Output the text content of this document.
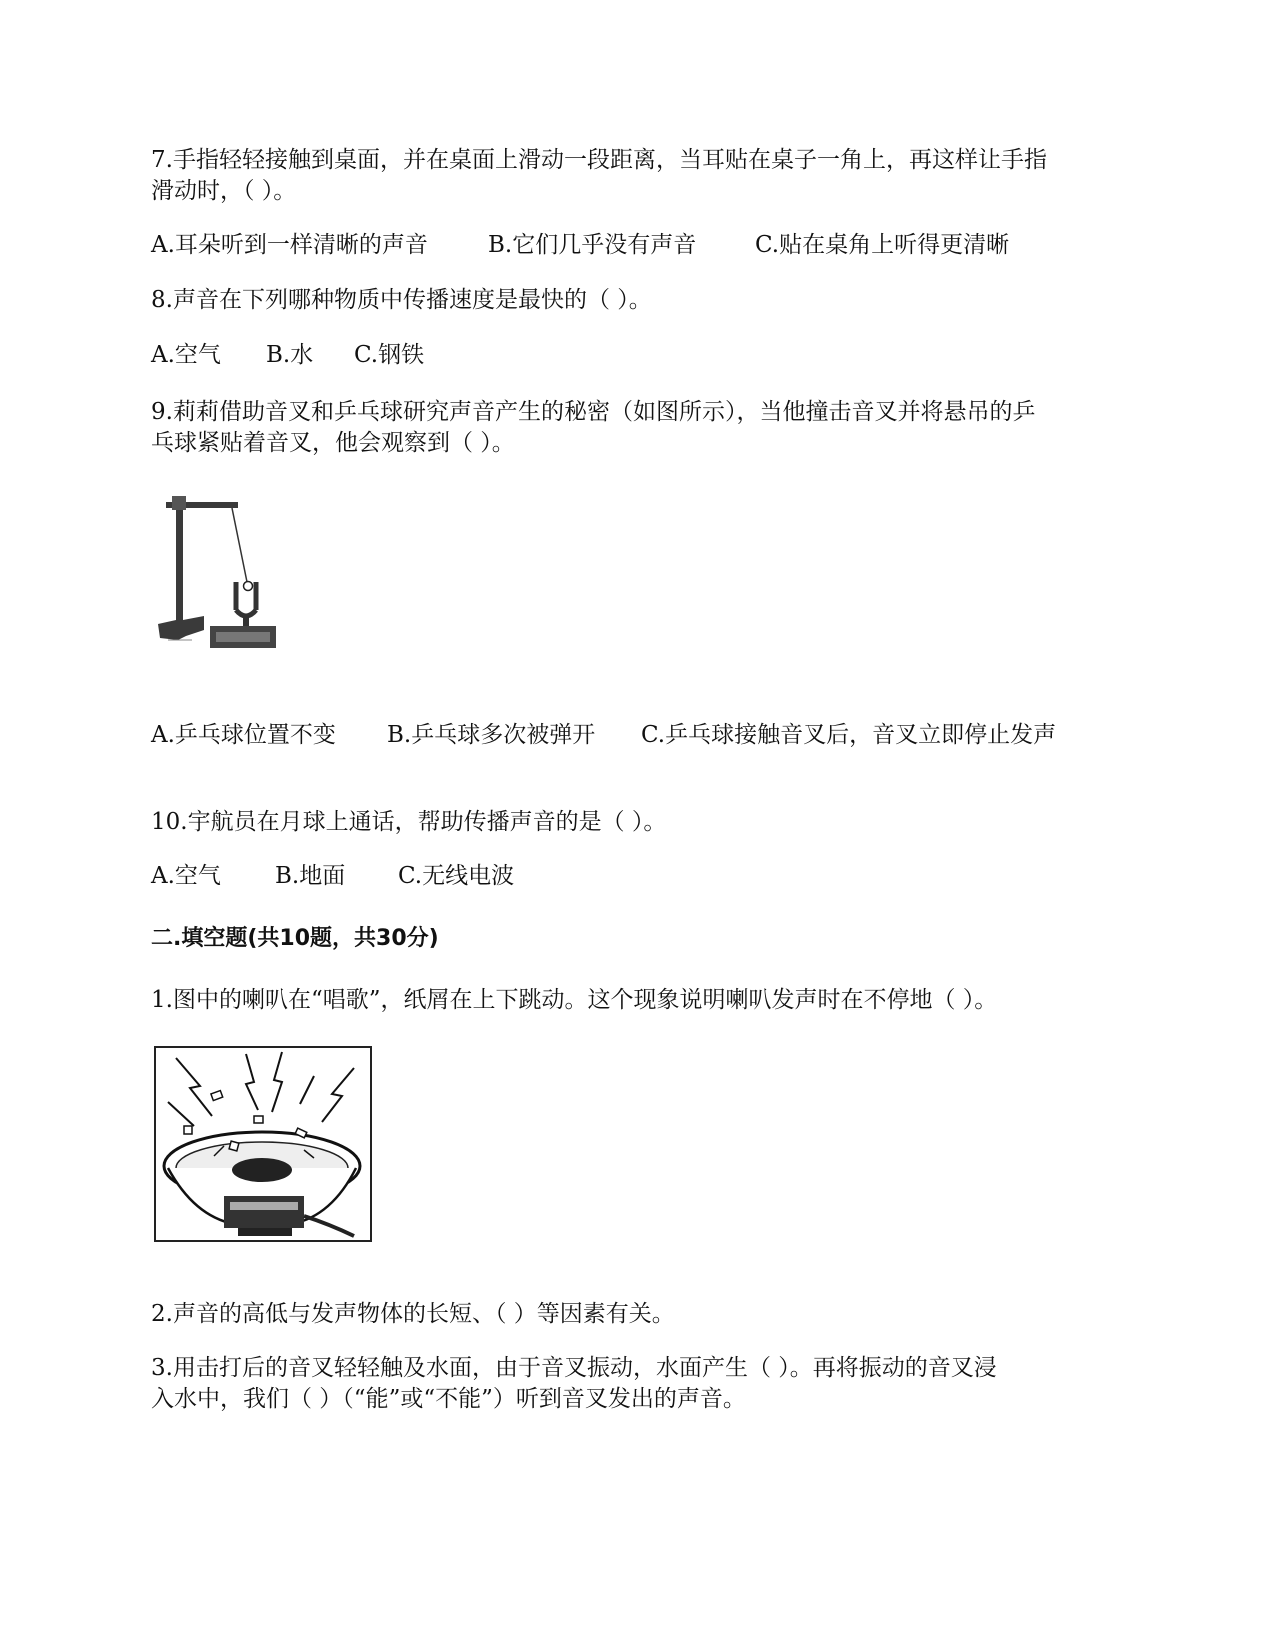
7.手指轻轻接触到桌面，并在桌面上滑动一段距离，当耳贴在桌子一角上，再这样让手指

滑动时，（ ）。

A.耳朵听到一样清晰的声音	B.它们几乎没有声音	C.贴在桌角上听得更清晰

8.声音在下列哪种物质中传播速度是最快的（ ）。

A.空气 B.水 C.钢铁

9.莉莉借助音叉和乒乓球研究声音产生的秘密（如图所示），当他撞击音叉并将悬吊的乒

乓球紧贴着音叉，他会观察到（ ）。

A.乒乓球位置不变 B.乒乓球多次被弹开 C.乒乓球接触音叉后，音叉立即停止发声

10.宇航员在月球上通话，帮助传播声音的是（ ）。

A.空气 B.地面 C.无线电波

二.填空题(共10题，共30分)

1.图中的喇叭在“唱歌”，纸屑在上下跳动。这个现象说明喇叭发声时在不停地（ ）。

2.声音的高低与发声物体的长短、（ ）等因素有关。

3.用击打后的音叉轻轻触及水面，由于音叉振动，水面产生（ ）。再将振动的音叉浸

入水中，我们（ ）（“能”或“不能”）听到音叉发出的声音。
